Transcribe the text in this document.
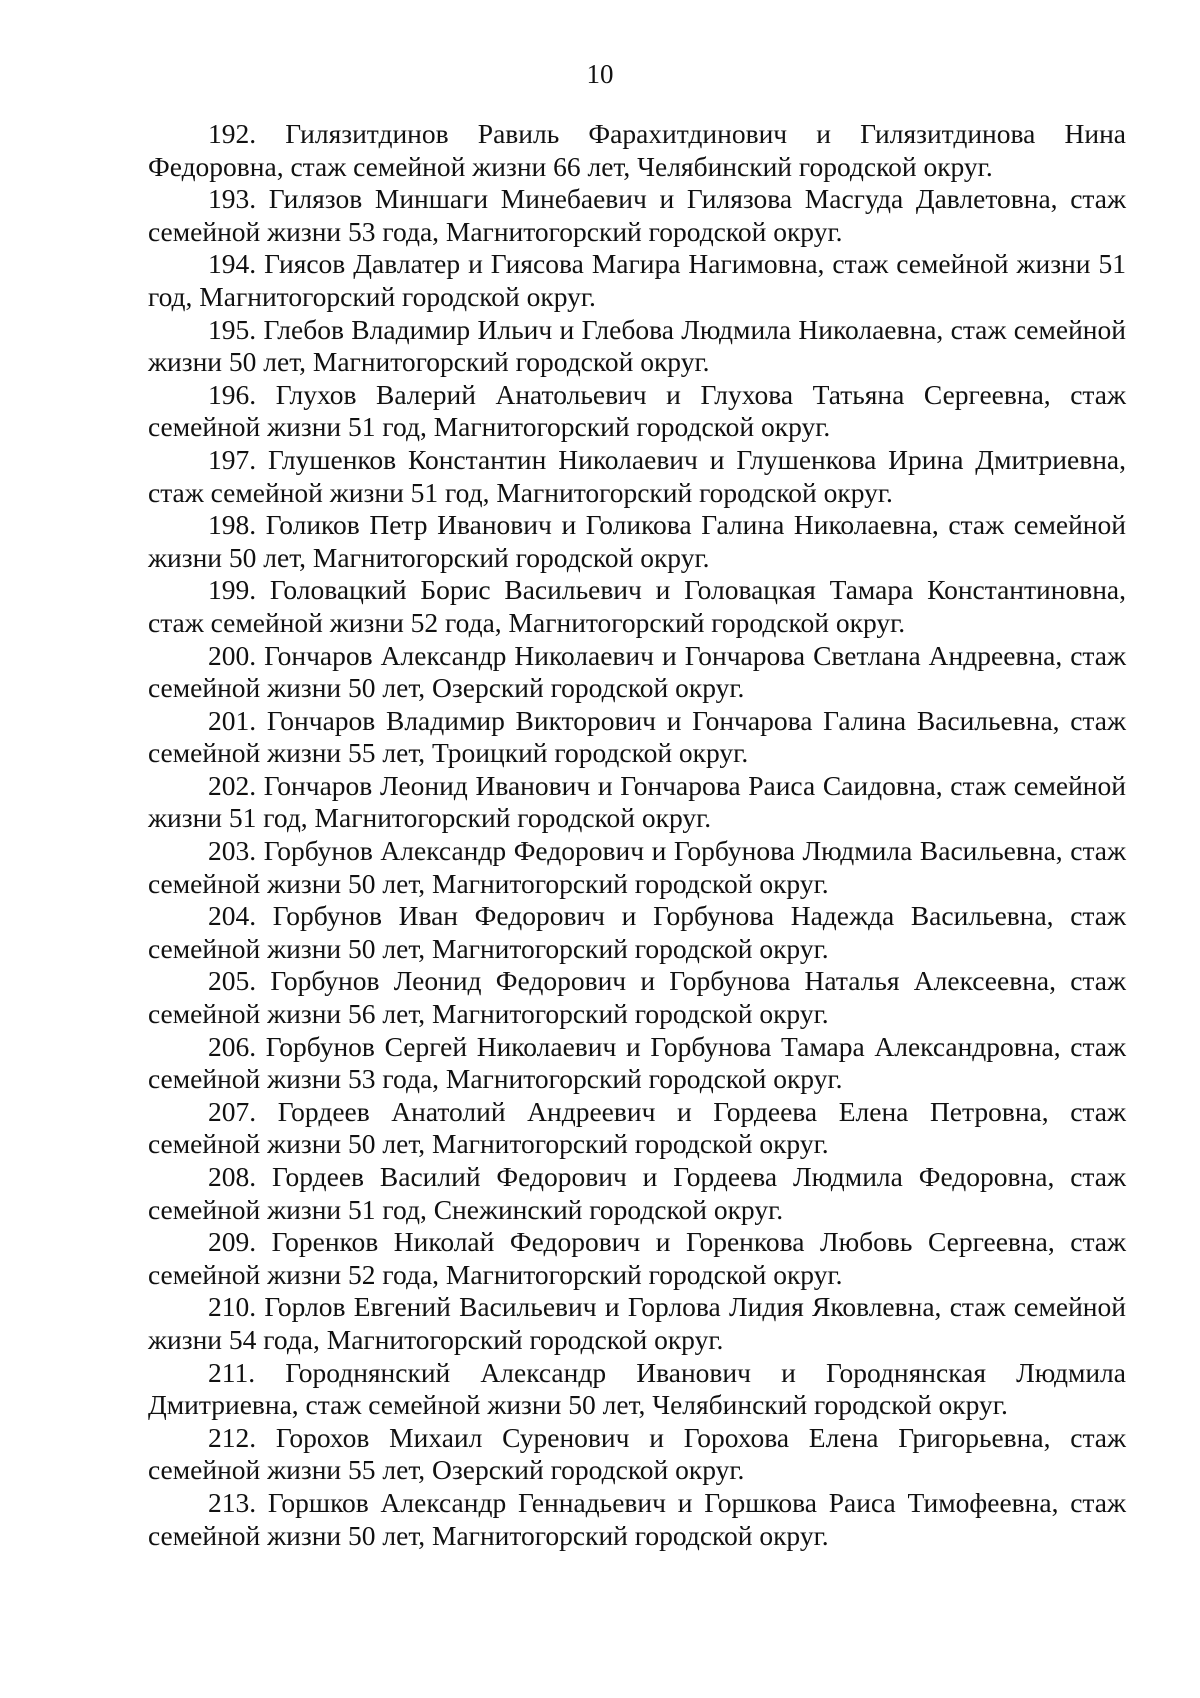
10

192. Гилязитдинов Равиль Фарахитдинович и Гилязитдинова Нина Федоровна, стаж семейной жизни 66 лет, Челябинский городской округ.

193. Гилязов Миншаги Минебаевич и Гилязова Масгуда Давлетовна, стаж семейной жизни 53 года, Магнитогорский городской округ.

194. Гиясов Давлатер и Гиясова Магира Нагимовна, стаж семейной жизни 51 год, Магнитогорский городской округ.

195. Глебов Владимир Ильич и Глебова Людмила Николаевна, стаж семейной жизни 50 лет, Магнитогорский городской округ.

196. Глухов Валерий Анатольевич и Глухова Татьяна Сергеевна, стаж семейной жизни 51 год, Магнитогорский городской округ.

197. Глушенков Константин Николаевич и Глушенкова Ирина Дмитриевна, стаж семейной жизни 51 год, Магнитогорский городской округ.

198. Голиков Петр Иванович и Голикова Галина Николаевна, стаж семейной жизни 50 лет, Магнитогорский городской округ.

199. Головацкий Борис Васильевич и Головацкая Тамара Константиновна, стаж семейной жизни 52 года, Магнитогорский городской округ.

200. Гончаров Александр Николаевич и Гончарова Светлана Андреевна, стаж семейной жизни 50 лет, Озерский городской округ.

201. Гончаров Владимир Викторович и Гончарова Галина Васильевна, стаж семейной жизни 55 лет, Троицкий городской округ.

202. Гончаров Леонид Иванович и Гончарова Раиса Саидовна, стаж семейной жизни 51 год, Магнитогорский городской округ.

203. Горбунов Александр Федорович и Горбунова Людмила Васильевна, стаж семейной жизни 50 лет, Магнитогорский городской округ.

204. Горбунов Иван Федорович и Горбунова Надежда Васильевна, стаж семейной жизни 50 лет, Магнитогорский городской округ.

205. Горбунов Леонид Федорович и Горбунова Наталья Алексеевна, стаж семейной жизни 56 лет, Магнитогорский городской округ.

206. Горбунов Сергей Николаевич и Горбунова Тамара Александровна, стаж семейной жизни 53 года, Магнитогорский городской округ.

207. Гордеев Анатолий Андреевич и Гордеева Елена Петровна, стаж семейной жизни 50 лет, Магнитогорский городской округ.

208. Гордеев Василий Федорович и Гордеева Людмила Федоровна, стаж семейной жизни 51 год, Снежинский городской округ.

209. Горенков Николай Федорович и Горенкова Любовь Сергеевна, стаж семейной жизни 52 года, Магнитогорский городской округ.

210. Горлов Евгений Васильевич и Горлова Лидия Яковлевна, стаж семейной жизни 54 года, Магнитогорский городской округ.

211. Городнянский Александр Иванович и Городнянская Людмила Дмитриевна, стаж семейной жизни 50 лет, Челябинский городской округ.

212. Горохов Михаил Суренович и Горохова Елена Григорьевна, стаж семейной жизни 55 лет, Озерский городской округ.

213. Горшков Александр Геннадьевич и Горшкова Раиса Тимофеевна, стаж семейной жизни 50 лет, Магнитогорский городской округ.
